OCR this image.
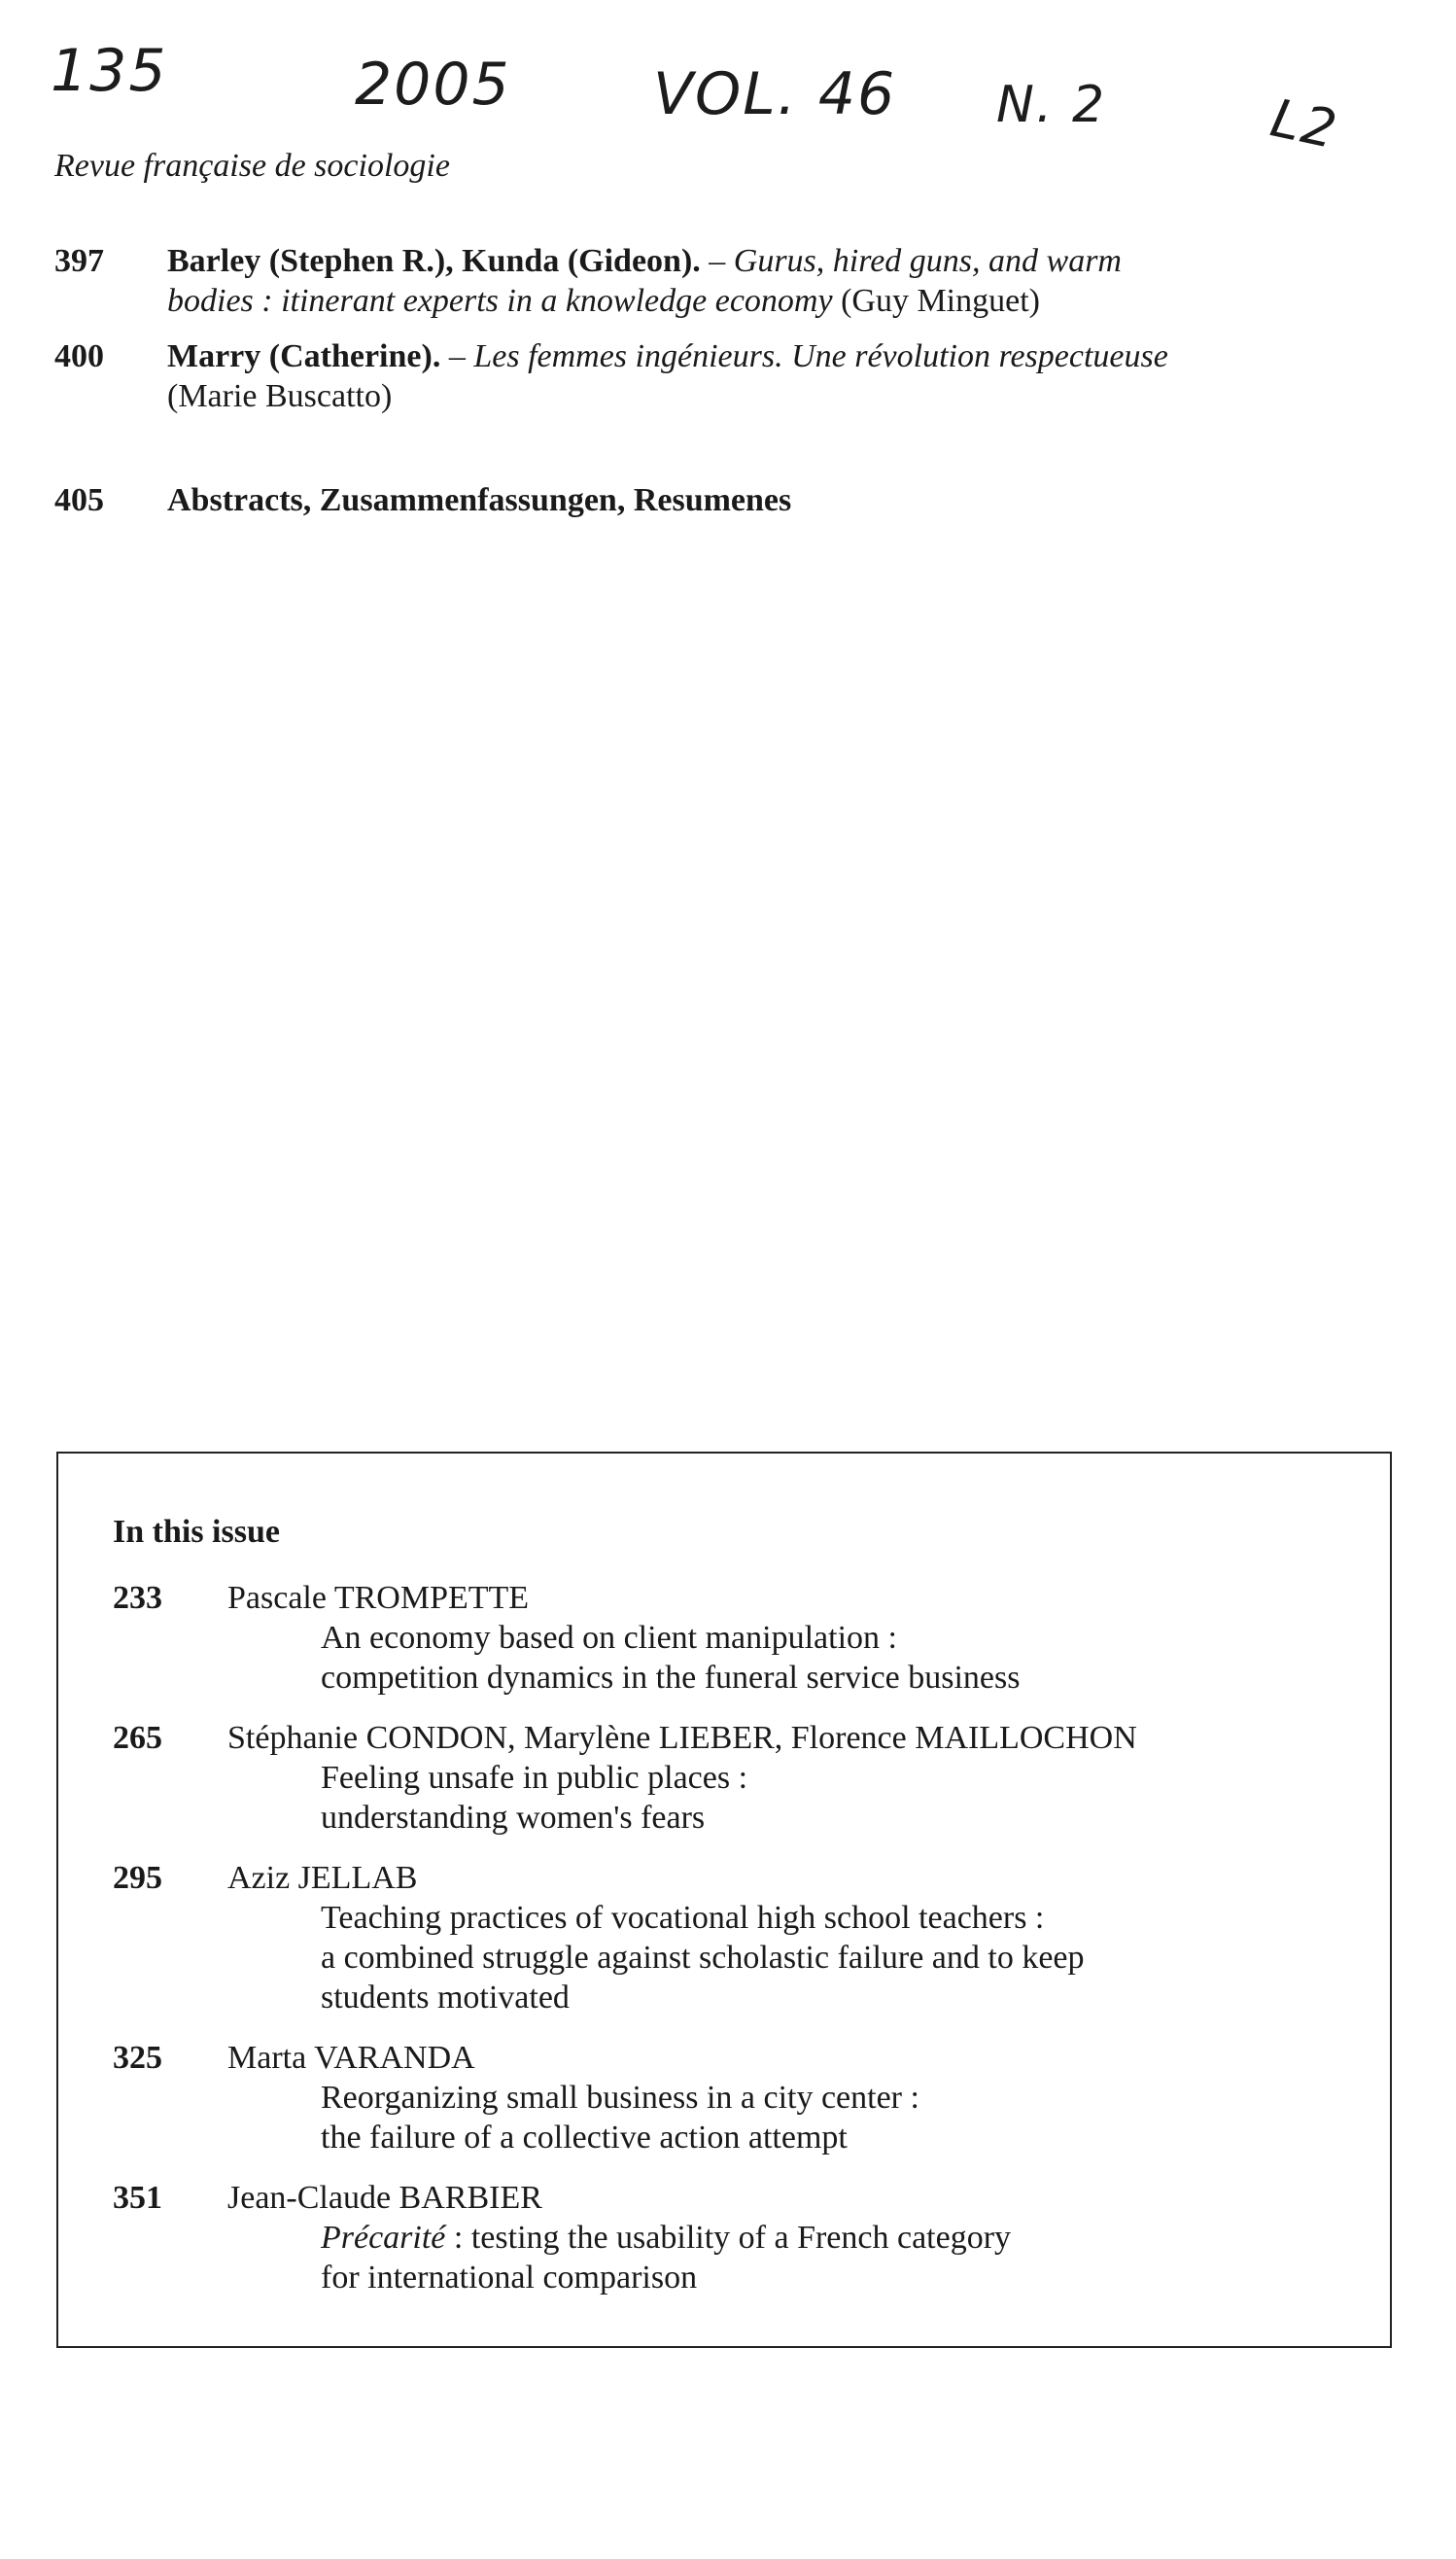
135	2005 VOL. 46 N. 2	L2
Revue française de sociologie
397 Barley (Stephen R.), Kunda (Gideon). – Gurus, hired guns, and warm
bodies : itinerant experts in a knowledge economy (Guy Minguet)
400 Marry (Catherine). – Les femmes ingénieurs. Une révolution respectueuse
(Marie Buscatto)
405 Abstracts, Zusammenfassungen, Resumenes
In this issue
233 Pascale TROMPETTE
An economy based on client manipulation :
competition dynamics in the funeral service business
265 Stéphanie CONDON, Marylène LIEBER, Florence MAILLOCHON
Feeling unsafe in public places :
understanding women's fears
295 Aziz JELLAB
Teaching practices of vocational high school teachers :
a combined struggle against scholastic failure and to keep
students motivated
325 Marta VARANDA
Reorganizing small business in a city center :
the failure of a collective action attempt
351 Jean-Claude BARBIER
Précarité : testing the usability of a French category
for international comparison
